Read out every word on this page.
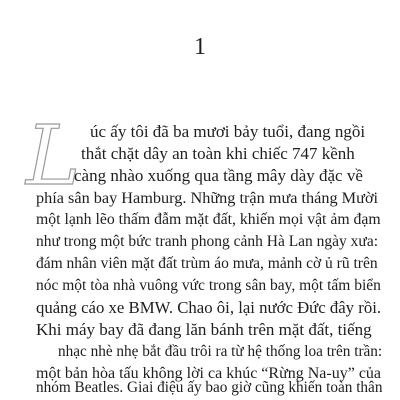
1
L úc ấy tôi đã ba mươi bảy tuổi, đang ngồi
thắt chặt dây an toàn khi chiếc 747 kềnh
càng nhào xuống qua tầng mây dày đặc về
phía sân bay Hamburg. Những trận mưa tháng Mười
một lạnh lẽo thấm đẫm mặt đất, khiến mọi vật ảm đạm
như trong một bức tranh phong cảnh Hà Lan ngày xưa:
đám nhân viên mặt đất trùm áo mưa, mảnh cờ ủ rũ trên
nóc một tòa nhà vuông vức trong sân bay, một tấm biển
quảng cáo xe BMW. Chao ôi, lại nước Đức đây rồi.
Khi máy bay đã đang lăn bánh trên mặt đất, tiếng
nhạc nhè nhẹ bắt đầu trôi ra từ hệ thống loa trên trần:
một bản hòa tấu không lời ca khúc “Rừng Na-uy” của
nhóm Beatles. Giai điệu ấy bao giờ cũng khiến toàn thân
